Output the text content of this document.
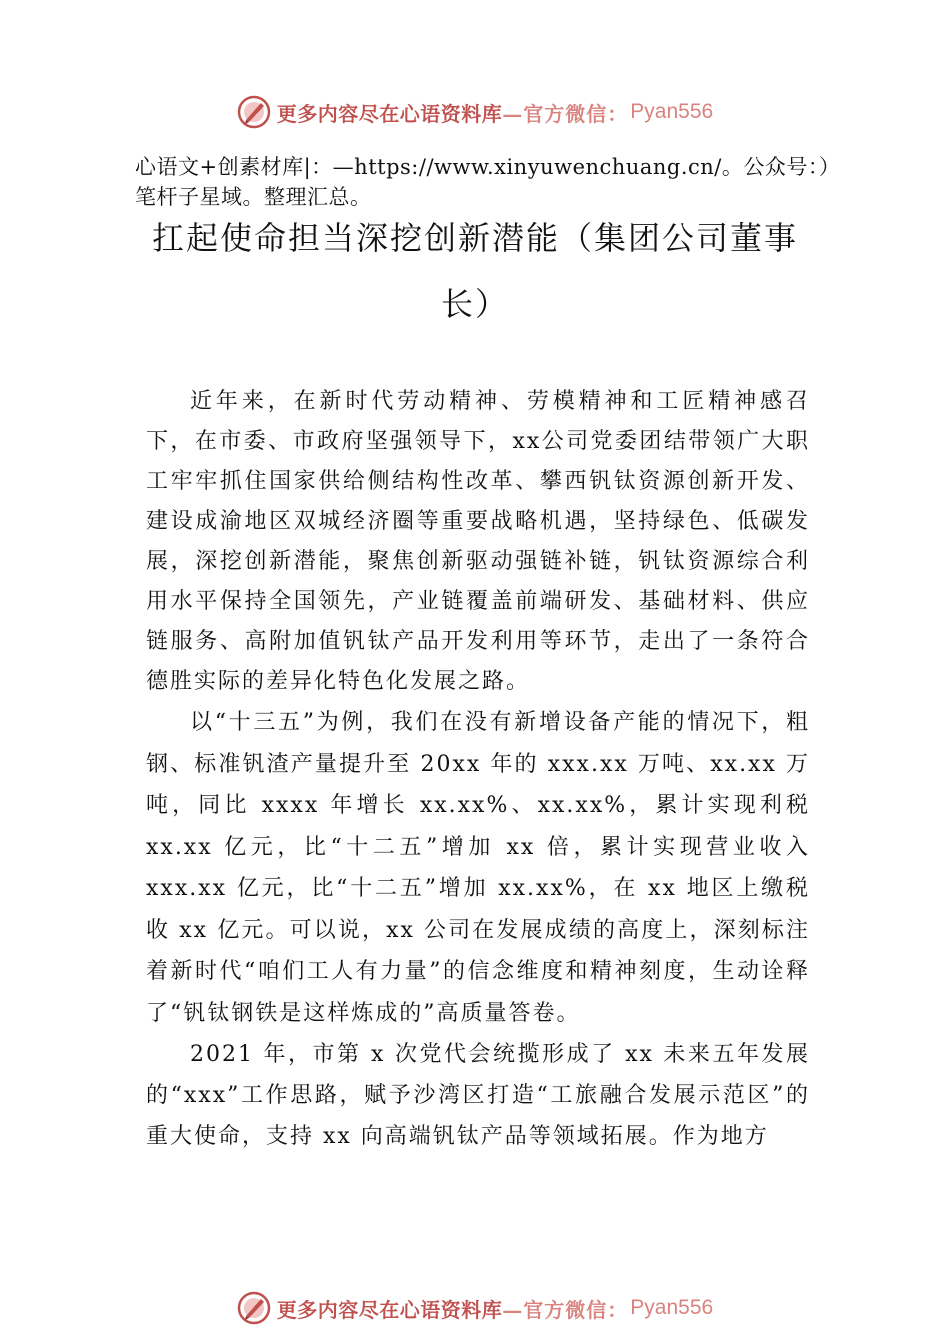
更多内容尽在心语资料库 —官方微信： Pyan556
心语文+创素材库|：—https://www.xinyuwenchuang.cn/。公众号：）笔杆子星域。整理汇总。
扛起使命担当深挖创新潜能（集团公司董事长）

近年来，在新时代劳动精神、劳模精神和工匠精神感召下，在市委、市政府坚强领导下，xx公司党委团结带领广大职工牢牢抓住国家供给侧结构性改革、攀西钒钛资源创新开发、建设成渝地区双城经济圈等重要战略机遇，坚持绿色、低碳发展，深挖创新潜能，聚焦创新驱动强链补链，钒钛资源综合利用水平保持全国领先，产业链覆盖前端研发、基础材料、供应链服务、高附加值钒钛产品开发利用等环节，走出了一条符合德胜实际的差异化特色化发展之路。

以“十三五”为例，我们在没有新增设备产能的情况下，粗钢、标准钒渣产量提升至 20xx 年的 xxx.xx 万吨、xx.xx 万吨，同比 xxxx 年增长 xx.xx%、xx.xx%，累计实现利税 xx.xx 亿元，比“十二五”增加 xx 倍，累计实现营业收入 xxx.xx 亿元，比“十二五”增加 xx.xx%，在 xx 地区上缴税收 xx 亿元。可以说，xx 公司在发展成绩的高度上，深刻标注着新时代“咱们工人有力量”的信念维度和精神刻度，生动诠释了“钒钛钢铁是这样炼成的”高质量答卷。

2021 年，市第 x 次党代会统揽形成了 xx 未来五年发展的“xxx”工作思路，赋予沙湾区打造“工旅融合发展示范区”的重大使命，支持 xx 向高端钒钛产品等领域拓展。作为地方

更多内容尽在心语资料库 —官方微信： Pyan556
